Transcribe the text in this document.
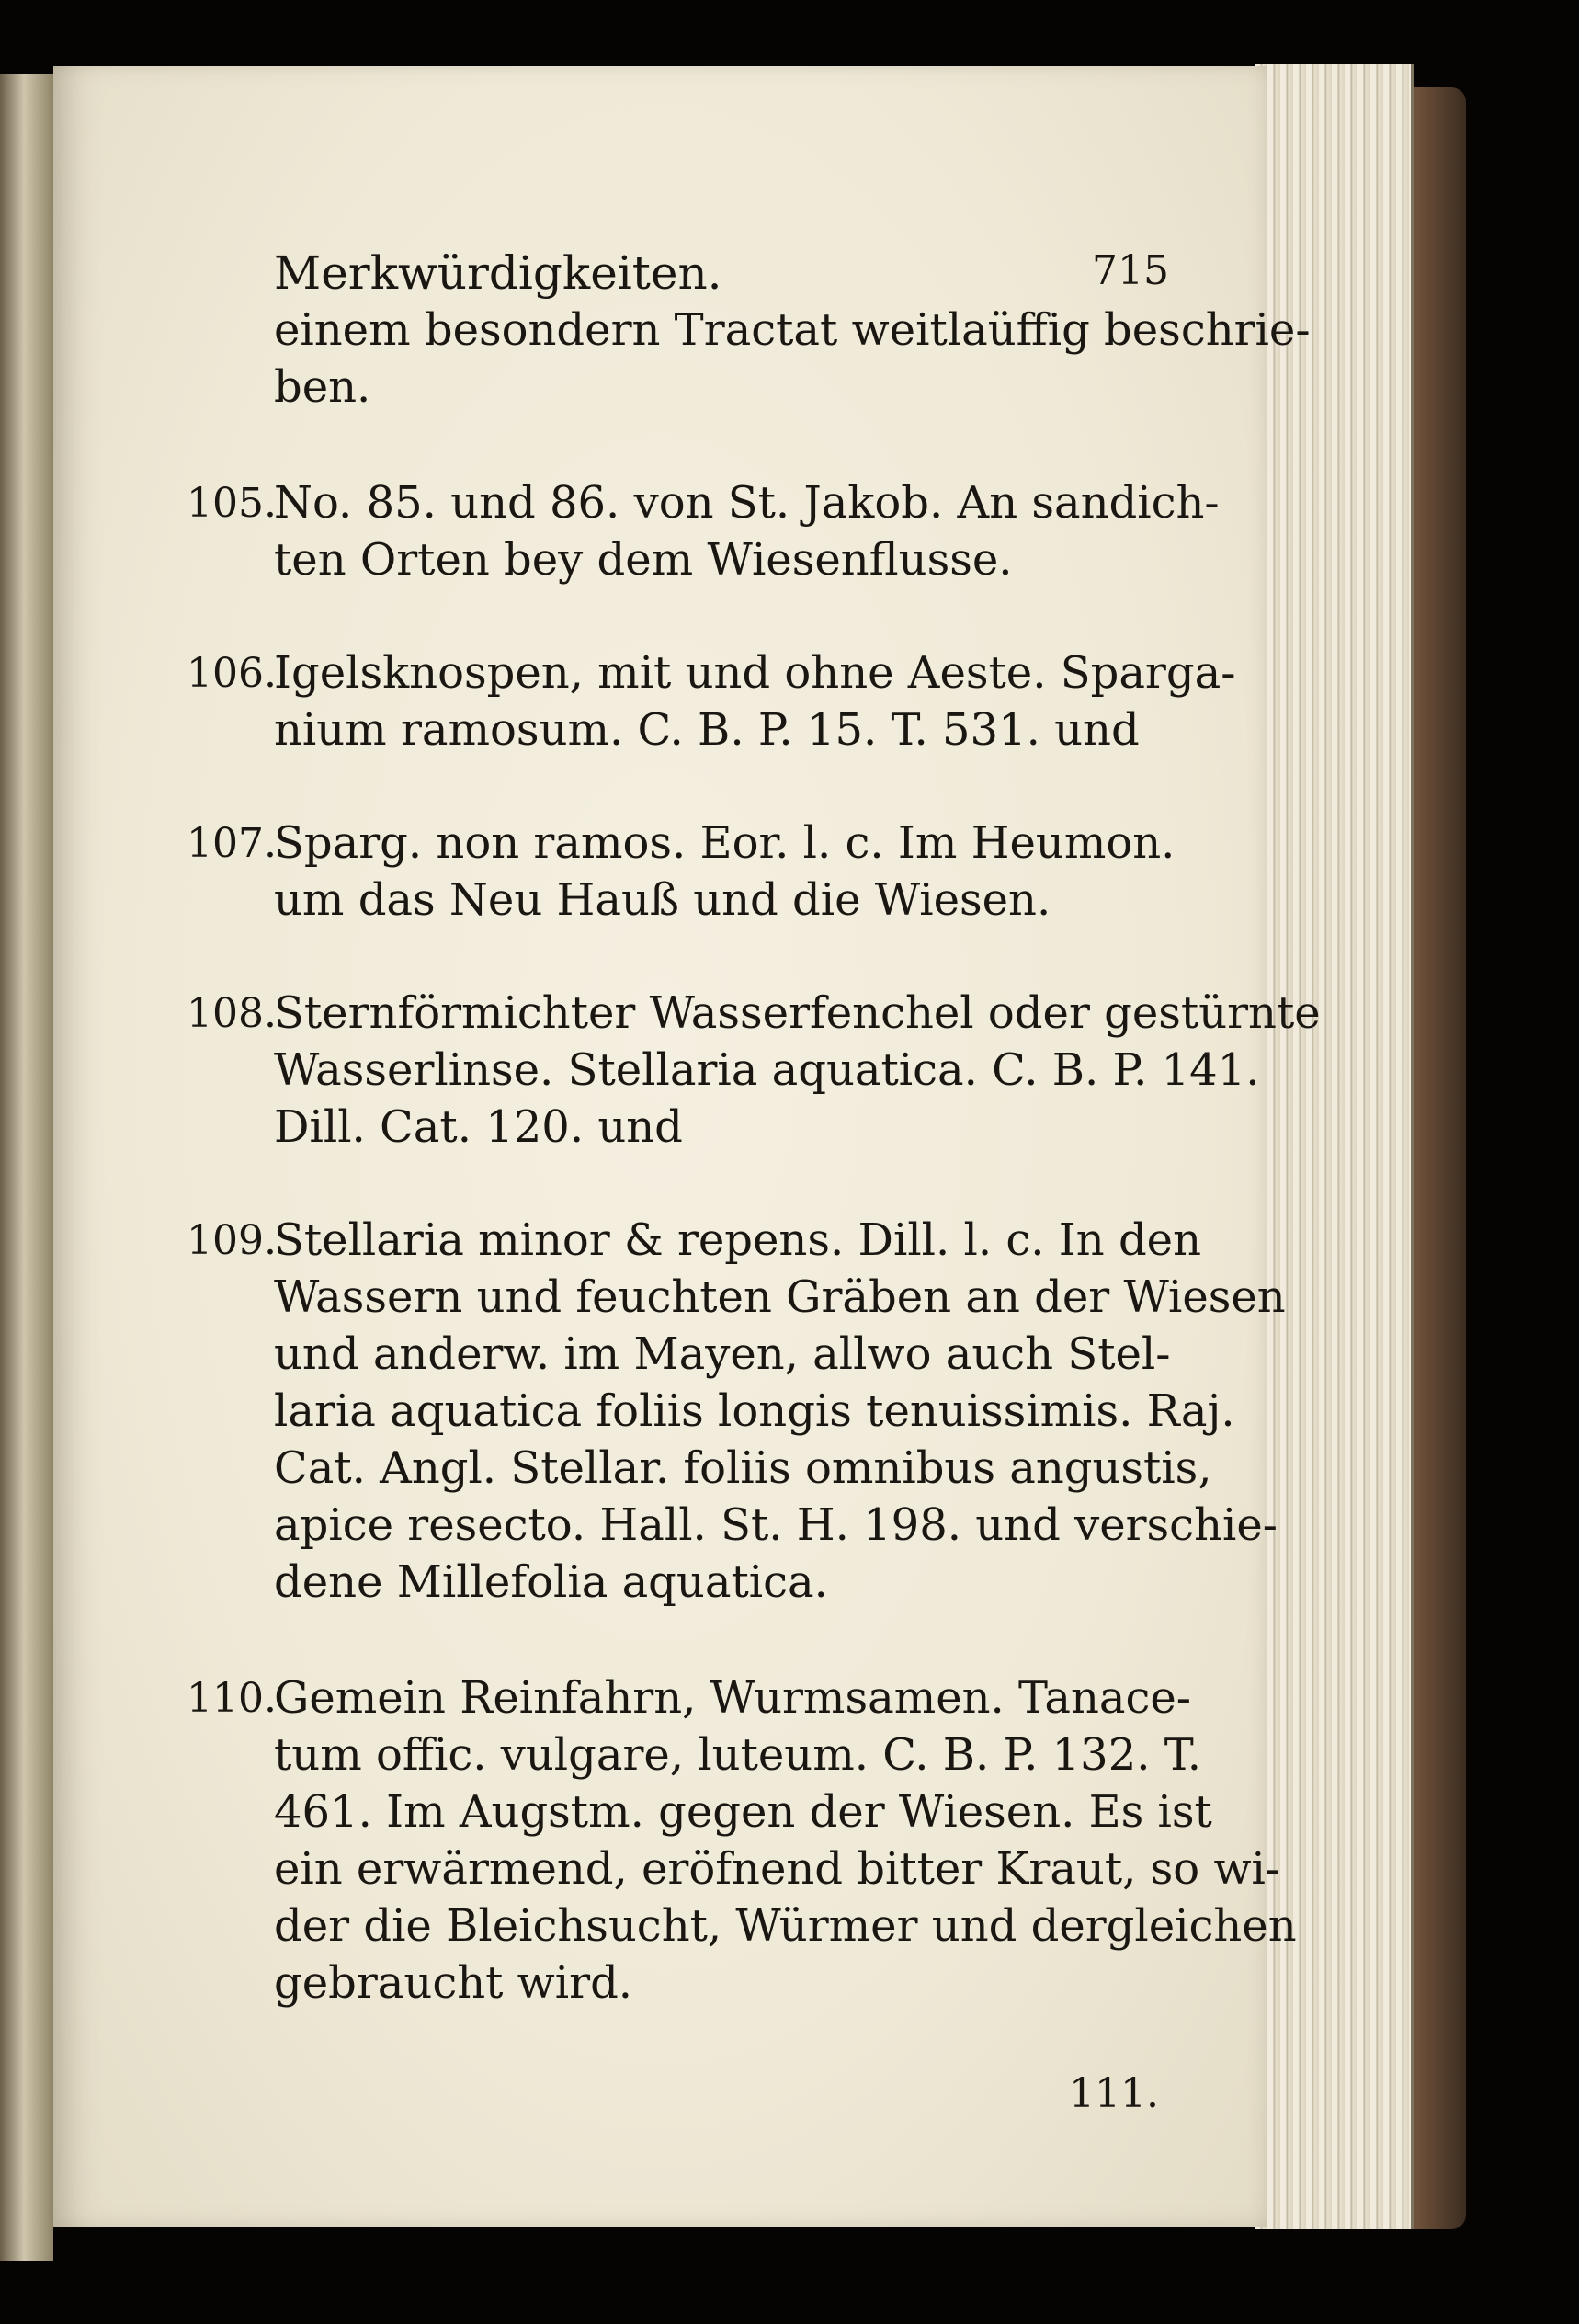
Merkwürdigkeiten.	715
einem besondern Tractat weitlaüffig beschrie-
ben.
105.
No. 85. und 86. von St. Jakob. An sandich-
ten Orten bey dem Wiesenflusse.
106.
Igelsknospen, mit und ohne Aeste. Sparga-
nium ramosum. C. B. P. 15. T. 531. und
107.
Sparg. non ramos. Eor. l. c. Im Heumon.
um das Neu Hauß und die Wiesen.
108.
Sternförmichter Wasserfenchel oder gestürnte
Wasserlinse. Stellaria aquatica. C. B. P. 141.
Dill. Cat. 120. und
109.
Stellaria minor & repens. Dill. l. c. In den
Wassern und feuchten Gräben an der Wiesen
und anderw. im Mayen, allwo auch Stel-
laria aquatica foliis longis tenuissimis. Raj.
Cat. Angl. Stellar. foliis omnibus angustis,
apice resecto. Hall. St. H. 198. und verschie-
dene Millefolia aquatica.
110.
Gemein Reinfahrn, Wurmsamen. Tanace-
tum offic. vulgare, luteum. C. B. P. 132. T.
461. Im Augstm. gegen der Wiesen. Es ist
ein erwärmend, eröfnend bitter Kraut, so wi-
der die Bleichsucht, Würmer und dergleichen
gebraucht wird.
111.
